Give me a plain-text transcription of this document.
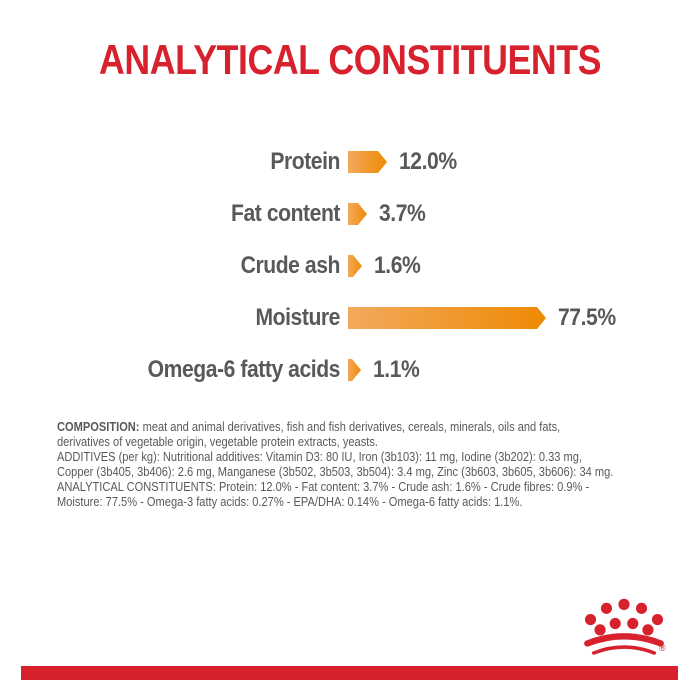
ANALYTICAL CONSTITUENTS
Protein 12.0%
Fat content 3.7%
Crude ash 1.6%
Moisture	77.5%
Omega-6 fatty acids 1.1%
COMPOSITION: meat and animal derivatives, fish and fish derivatives, cereals, minerals, oils and fats,
derivatives of vegetable origin, vegetable protein extracts, yeasts.
ADDITIVES (per kg): Nutritional additives: Vitamin D3: 80 IU, Iron (3b103): 11 mg, Iodine (3b202): 0.33 mg,
Copper (3b405, 3b406): 2.6 mg, Manganese (3b502, 3b503, 3b504): 3.4 mg, Zinc (3b603, 3b605, 3b606): 34 mg.
ANALYTICAL CONSTITUENTS: Protein: 12.0% - Fat content: 3.7% - Crude ash: 1.6% - Crude fibres: 0.9% -
Moisture: 77.5% - Omega-3 fatty acids: 0.27% - EPA/DHA: 0.14% - Omega-6 fatty acids: 1.1%.
®
